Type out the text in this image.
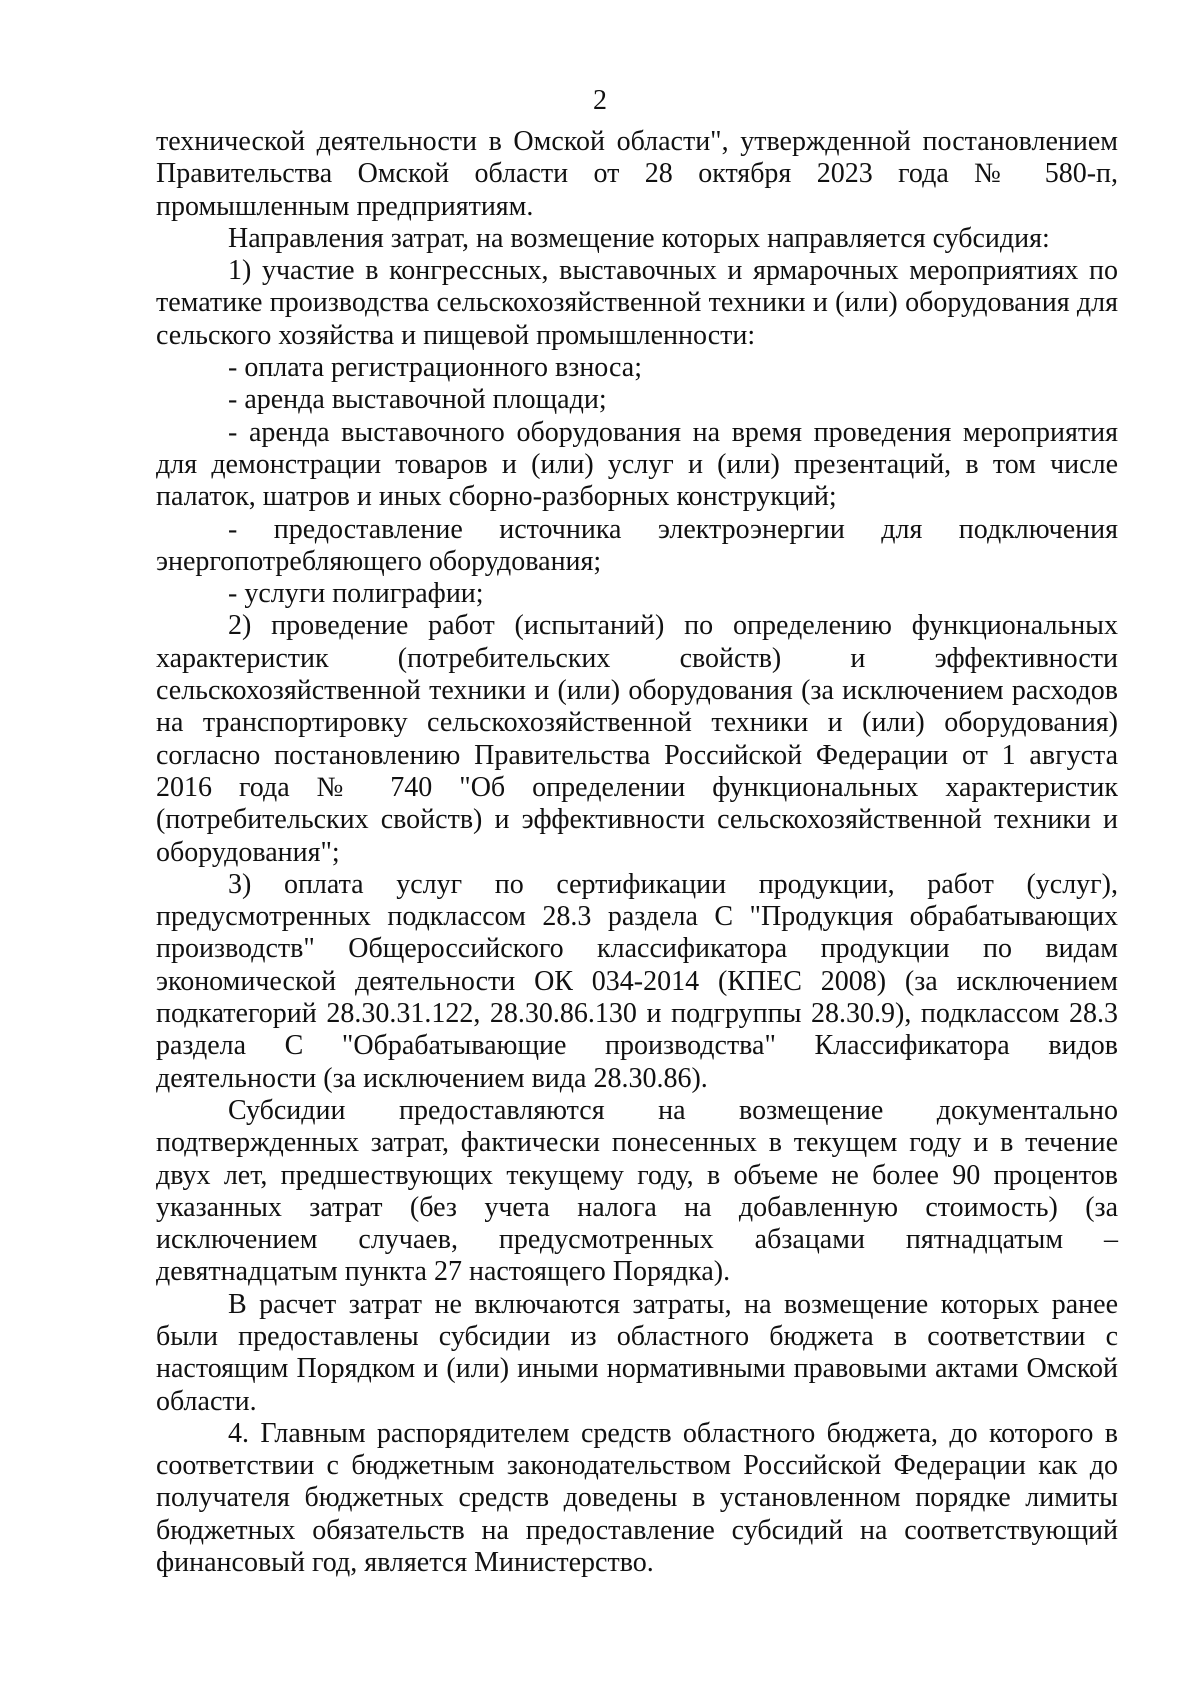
2

технической деятельности в Омской области", утвержденной постановлением Правительства Омской области от 28 октября 2023 года № 580-п, промышленным предприятиям.

Направления затрат, на возмещение которых направляется субсидия:

1) участие в конгрессных, выставочных и ярмарочных мероприятиях по тематике производства сельскохозяйственной техники и (или) оборудования для сельского хозяйства и пищевой промышленности:

- оплата регистрационного взноса;

- аренда выставочной площади;

- аренда выставочного оборудования на время проведения мероприятия для демонстрации товаров и (или) услуг и (или) презентаций, в том числе палаток, шатров и иных сборно-разборных конструкций;

- предоставление источника электроэнергии для подключения энергопотребляющего оборудования;

- услуги полиграфии;

2) проведение работ (испытаний) по определению функциональных характеристик (потребительских свойств) и эффективности сельскохозяйственной техники и (или) оборудования (за исключением расходов на транспортировку сельскохозяйственной техники и (или) оборудования) согласно постановлению Правительства Российской Федерации от 1 августа 2016 года № 740 "Об определении функциональных характеристик (потребительских свойств) и эффективности сельскохозяйственной техники и оборудования";

3) оплата услуг по сертификации продукции, работ (услуг), предусмотренных подклассом 28.3 раздела C "Продукция обрабатывающих производств" Общероссийского классификатора продукции по видам экономической деятельности ОК 034-2014 (КПЕС 2008) (за исключением подкатегорий 28.30.31.122, 28.30.86.130 и подгруппы 28.30.9), подклассом 28.3 раздела C "Обрабатывающие производства" Классификатора видов деятельности (за исключением вида 28.30.86).

Субсидии предоставляются на возмещение документально подтвержденных затрат, фактически понесенных в текущем году и в течение двух лет, предшествующих текущему году, в объеме не более 90 процентов указанных затрат (без учета налога на добавленную стоимость) (за исключением случаев, предусмотренных абзацами пятнадцатым – девятнадцатым пункта 27 настоящего Порядка).

В расчет затрат не включаются затраты, на возмещение которых ранее были предоставлены субсидии из областного бюджета в соответствии с настоящим Порядком и (или) иными нормативными правовыми актами Омской области.

4. Главным распорядителем средств областного бюджета, до которого в соответствии с бюджетным законодательством Российской Федерации как до получателя бюджетных средств доведены в установленном порядке лимиты бюджетных обязательств на предоставление субсидий на соответствующий финансовый год, является Министерство.
